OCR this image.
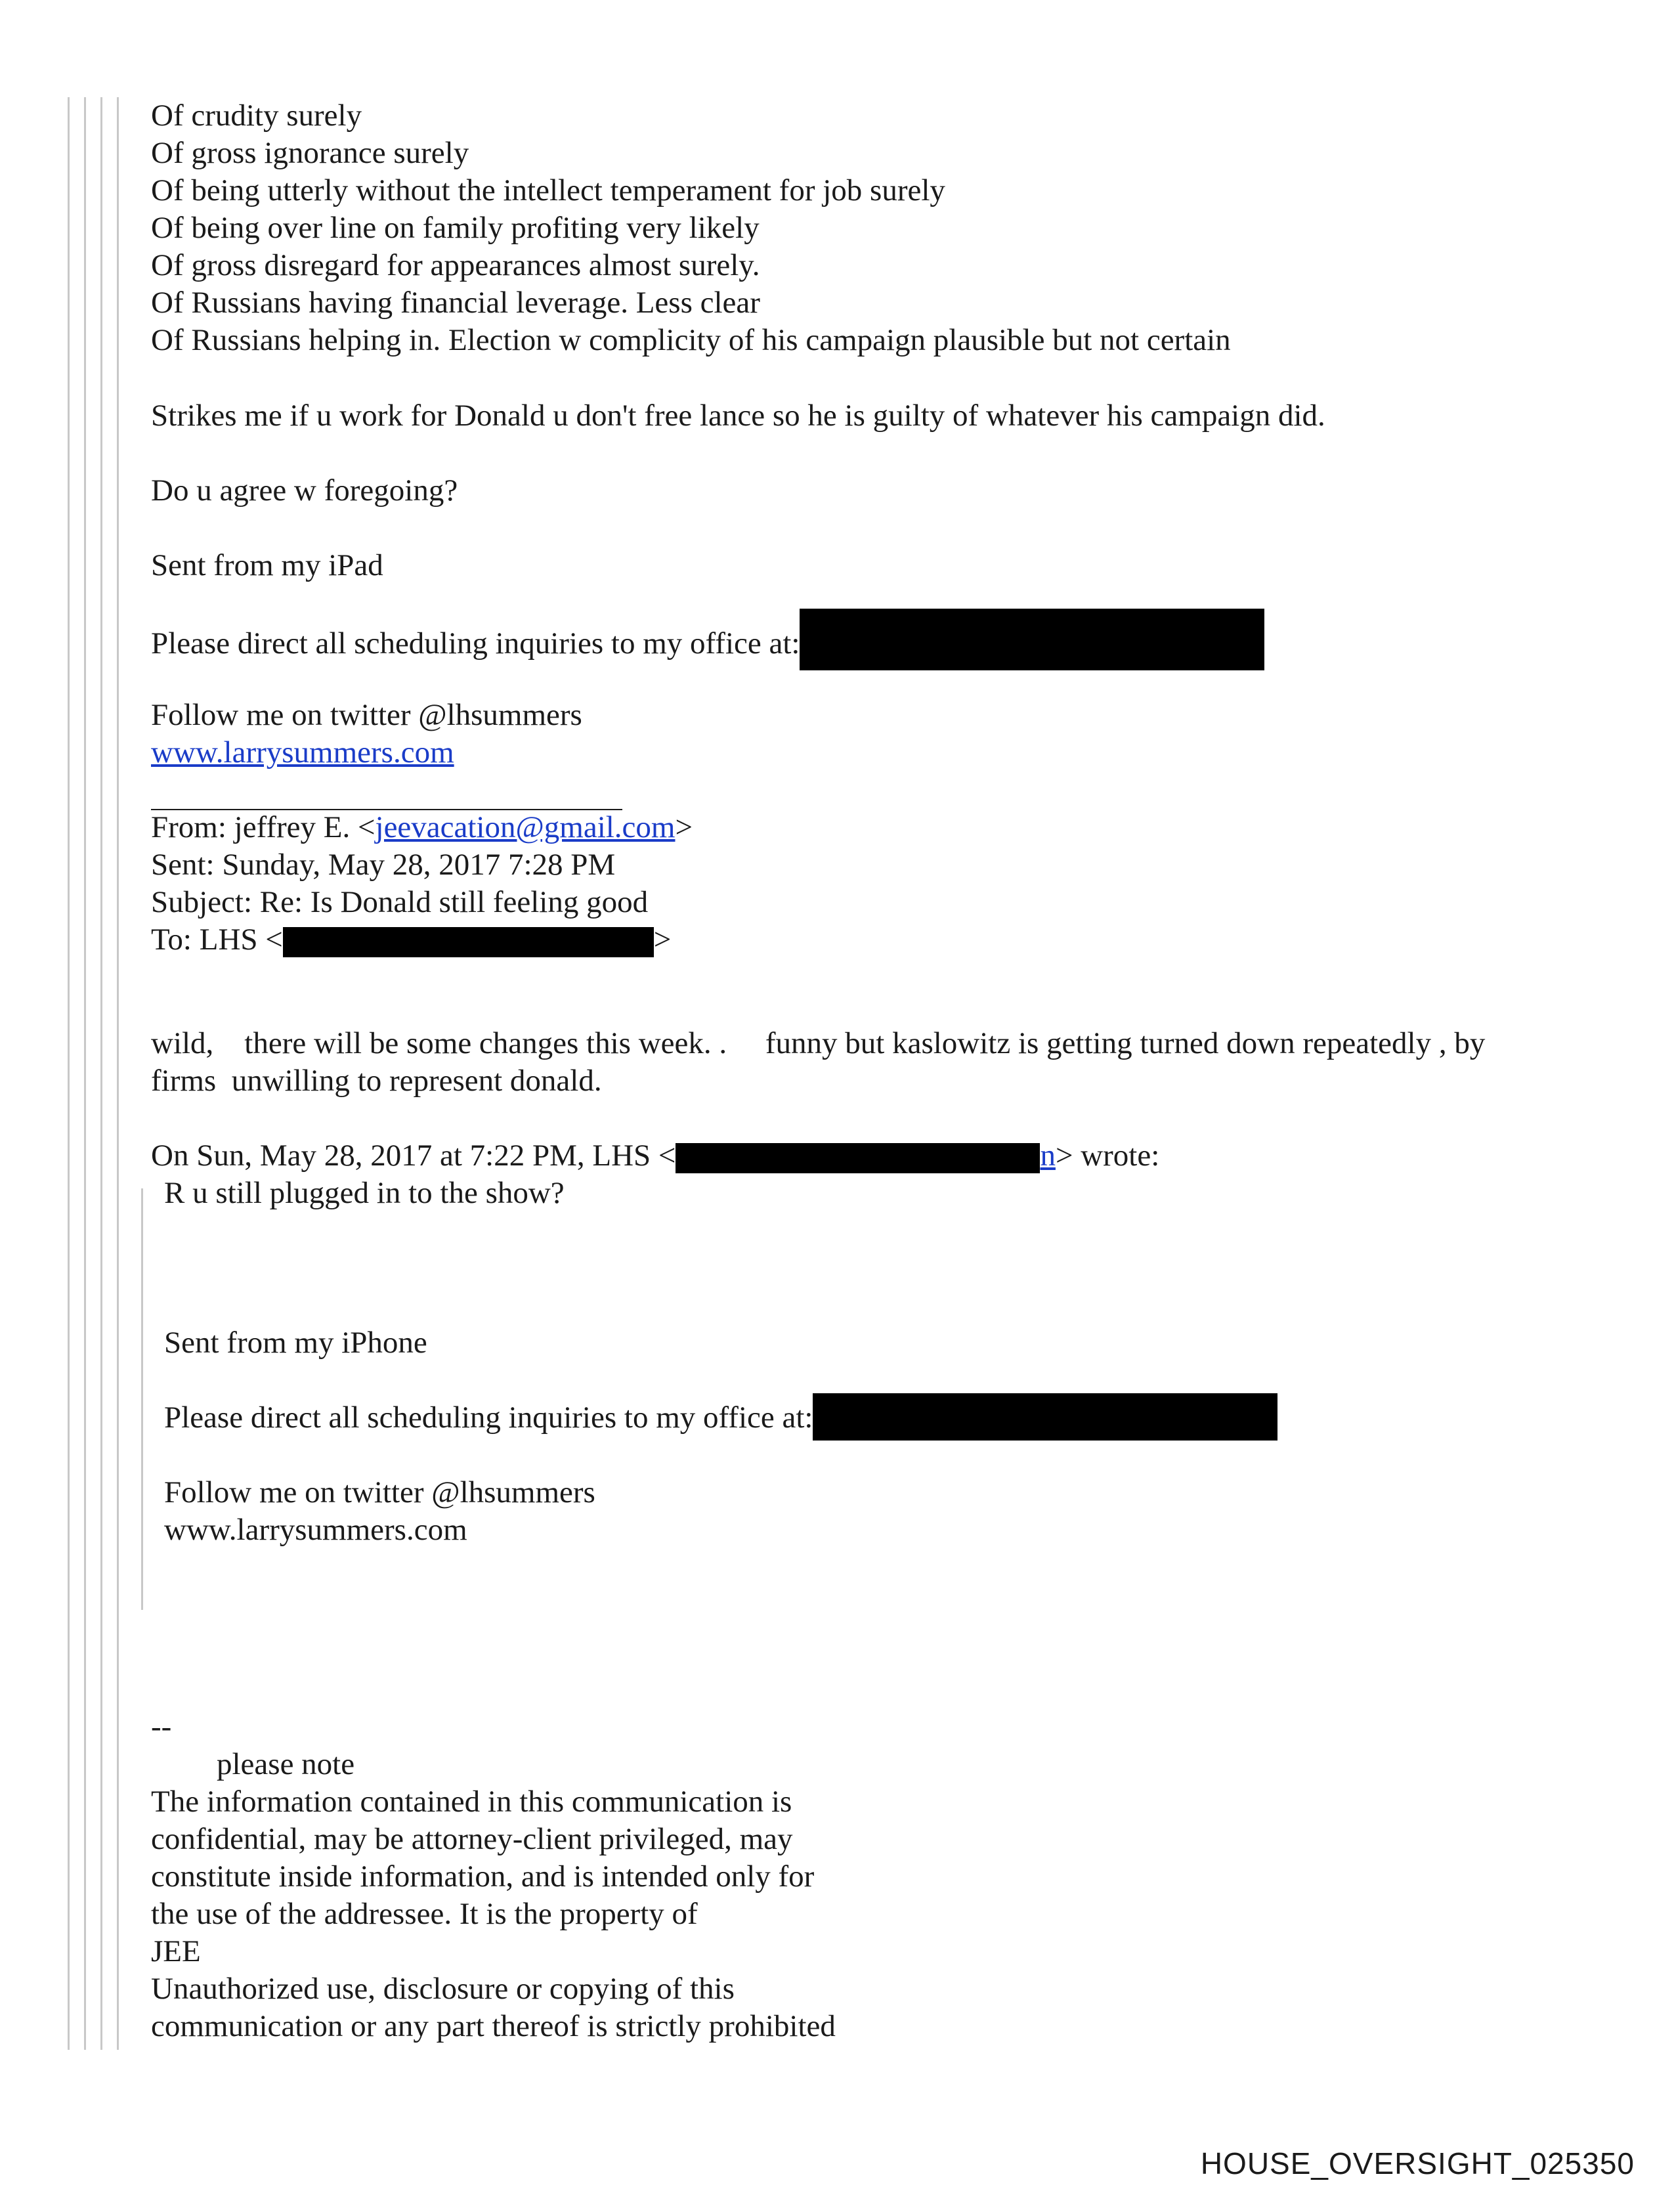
Of crudity surely

Of gross ignorance surely

Of being utterly without the intellect temperament for job surely

Of being over line on family profiting very likely

Of gross disregard for appearances almost surely.

Of Russians having financial leverage. Less clear

Of Russians helping in. Election w complicity of his campaign plausible but not certain

Strikes me if u work for Donald u don't free lance so he is guilty of whatever his campaign did.

Do u agree w foregoing?

Sent from my iPad

Please direct all scheduling inquiries to my office at:

Follow me on twitter @lhsummers

www.larrysummers.com

From: jeffrey E. <jeevacation@gmail.com>

Sent: Sunday, May 28, 2017 7:28 PM

Subject: Re: Is Donald still feeling good

To: LHS <	>

wild,    there will be some changes this week. .     funny but kaslowitz is getting turned down repeatedly , by

firms  unwilling to represent donald.

On Sun, May 28, 2017 at 7:22 PM, LHS <	n> wrote:

R u still plugged in to the show?

Sent from my iPhone

Please direct all scheduling inquiries to my office at:

Follow me on twitter @lhsummers

www.larrysummers.com

--

please note

The information contained in this communication is

confidential, may be attorney-client privileged, may

constitute inside information, and is intended only for

the use of the addressee. It is the property of

JEE

Unauthorized use, disclosure or copying of this

communication or any part thereof is strictly prohibited

HOUSE_OVERSIGHT_025350
